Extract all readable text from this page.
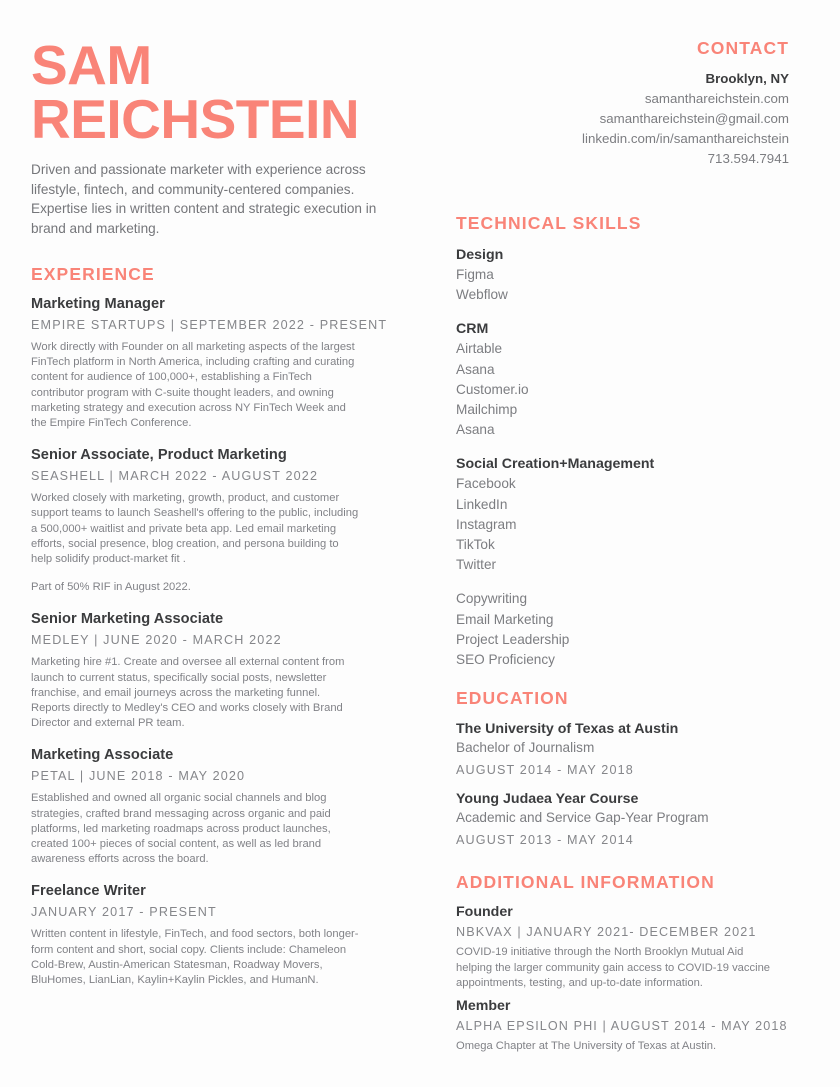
SAM
REICHSTEIN

Driven and passionate marketer with experience across lifestyle, fintech, and community-centered companies. Expertise lies in written content and strategic execution in brand and marketing.

EXPERIENCE
Marketing Manager
EMPIRE STARTUPS | SEPTEMBER 2022 - PRESENT

Work directly with Founder on all marketing aspects of the largest FinTech platform in North America, including crafting and curating content for audience of 100,000+, establishing a FinTech contributor program with C-suite thought leaders, and owning marketing strategy and execution across NY FinTech Week and the Empire FinTech Conference.

Senior Associate, Product Marketing
SEASHELL | MARCH 2022 - AUGUST 2022

Worked closely with marketing, growth, product, and customer support teams to launch Seashell's offering to the public, including a 500,000+ waitlist and private beta app. Led email marketing efforts, social presence, blog creation, and persona building to help solidify product-market fit .

Part of 50% RIF in August 2022.

Senior Marketing Associate
MEDLEY | JUNE 2020 - MARCH 2022

Marketing hire #1. Create and oversee all external content from launch to current status, specifically social posts, newsletter franchise, and email journeys across the marketing funnel. Reports directly to Medley's CEO and works closely with Brand Director and external PR team.

Marketing Associate
PETAL | JUNE 2018 - MAY 2020

Established and owned all organic social channels and blog strategies, crafted brand messaging across organic and paid platforms, led marketing roadmaps across product launches, created 100+ pieces of social content, as well as led brand awareness efforts across the board.

Freelance Writer
JANUARY 2017 - PRESENT

Written content in lifestyle, FinTech, and food sectors, both longer-form content and short, social copy. Clients include: Chameleon Cold-Brew, Austin-American Statesman, Roadway Movers, BluHomes, LianLian, Kaylin+Kaylin Pickles, and HumanN.

CONTACT
Brooklyn, NY
samanthareichstein.com
samanthareichstein@gmail.com
linkedin.com/in/samanthareichstein
713.594.7941
TECHNICAL SKILLS
Design
Figma
Webflow
CRM
Airtable
Asana
Customer.io
Mailchimp
Asana
Social Creation+Management
Facebook
LinkedIn
Instagram
TikTok
Twitter
Copywriting
Email Marketing
Project Leadership
SEO Proficiency
EDUCATION
The University of Texas at Austin
Bachelor of Journalism
AUGUST 2014 - MAY 2018
Young Judaea Year Course
Academic and Service Gap-Year Program
AUGUST 2013 - MAY 2014
ADDITIONAL INFORMATION
Founder
NBKVAX | JANUARY 2021- DECEMBER 2021

COVID-19 initiative through the North Brooklyn Mutual Aid helping the larger community gain access to COVID-19 vaccine appointments, testing, and up-to-date information.

Member
ALPHA EPSILON PHI | AUGUST 2014 - MAY 2018

Omega Chapter at The University of Texas at Austin.
